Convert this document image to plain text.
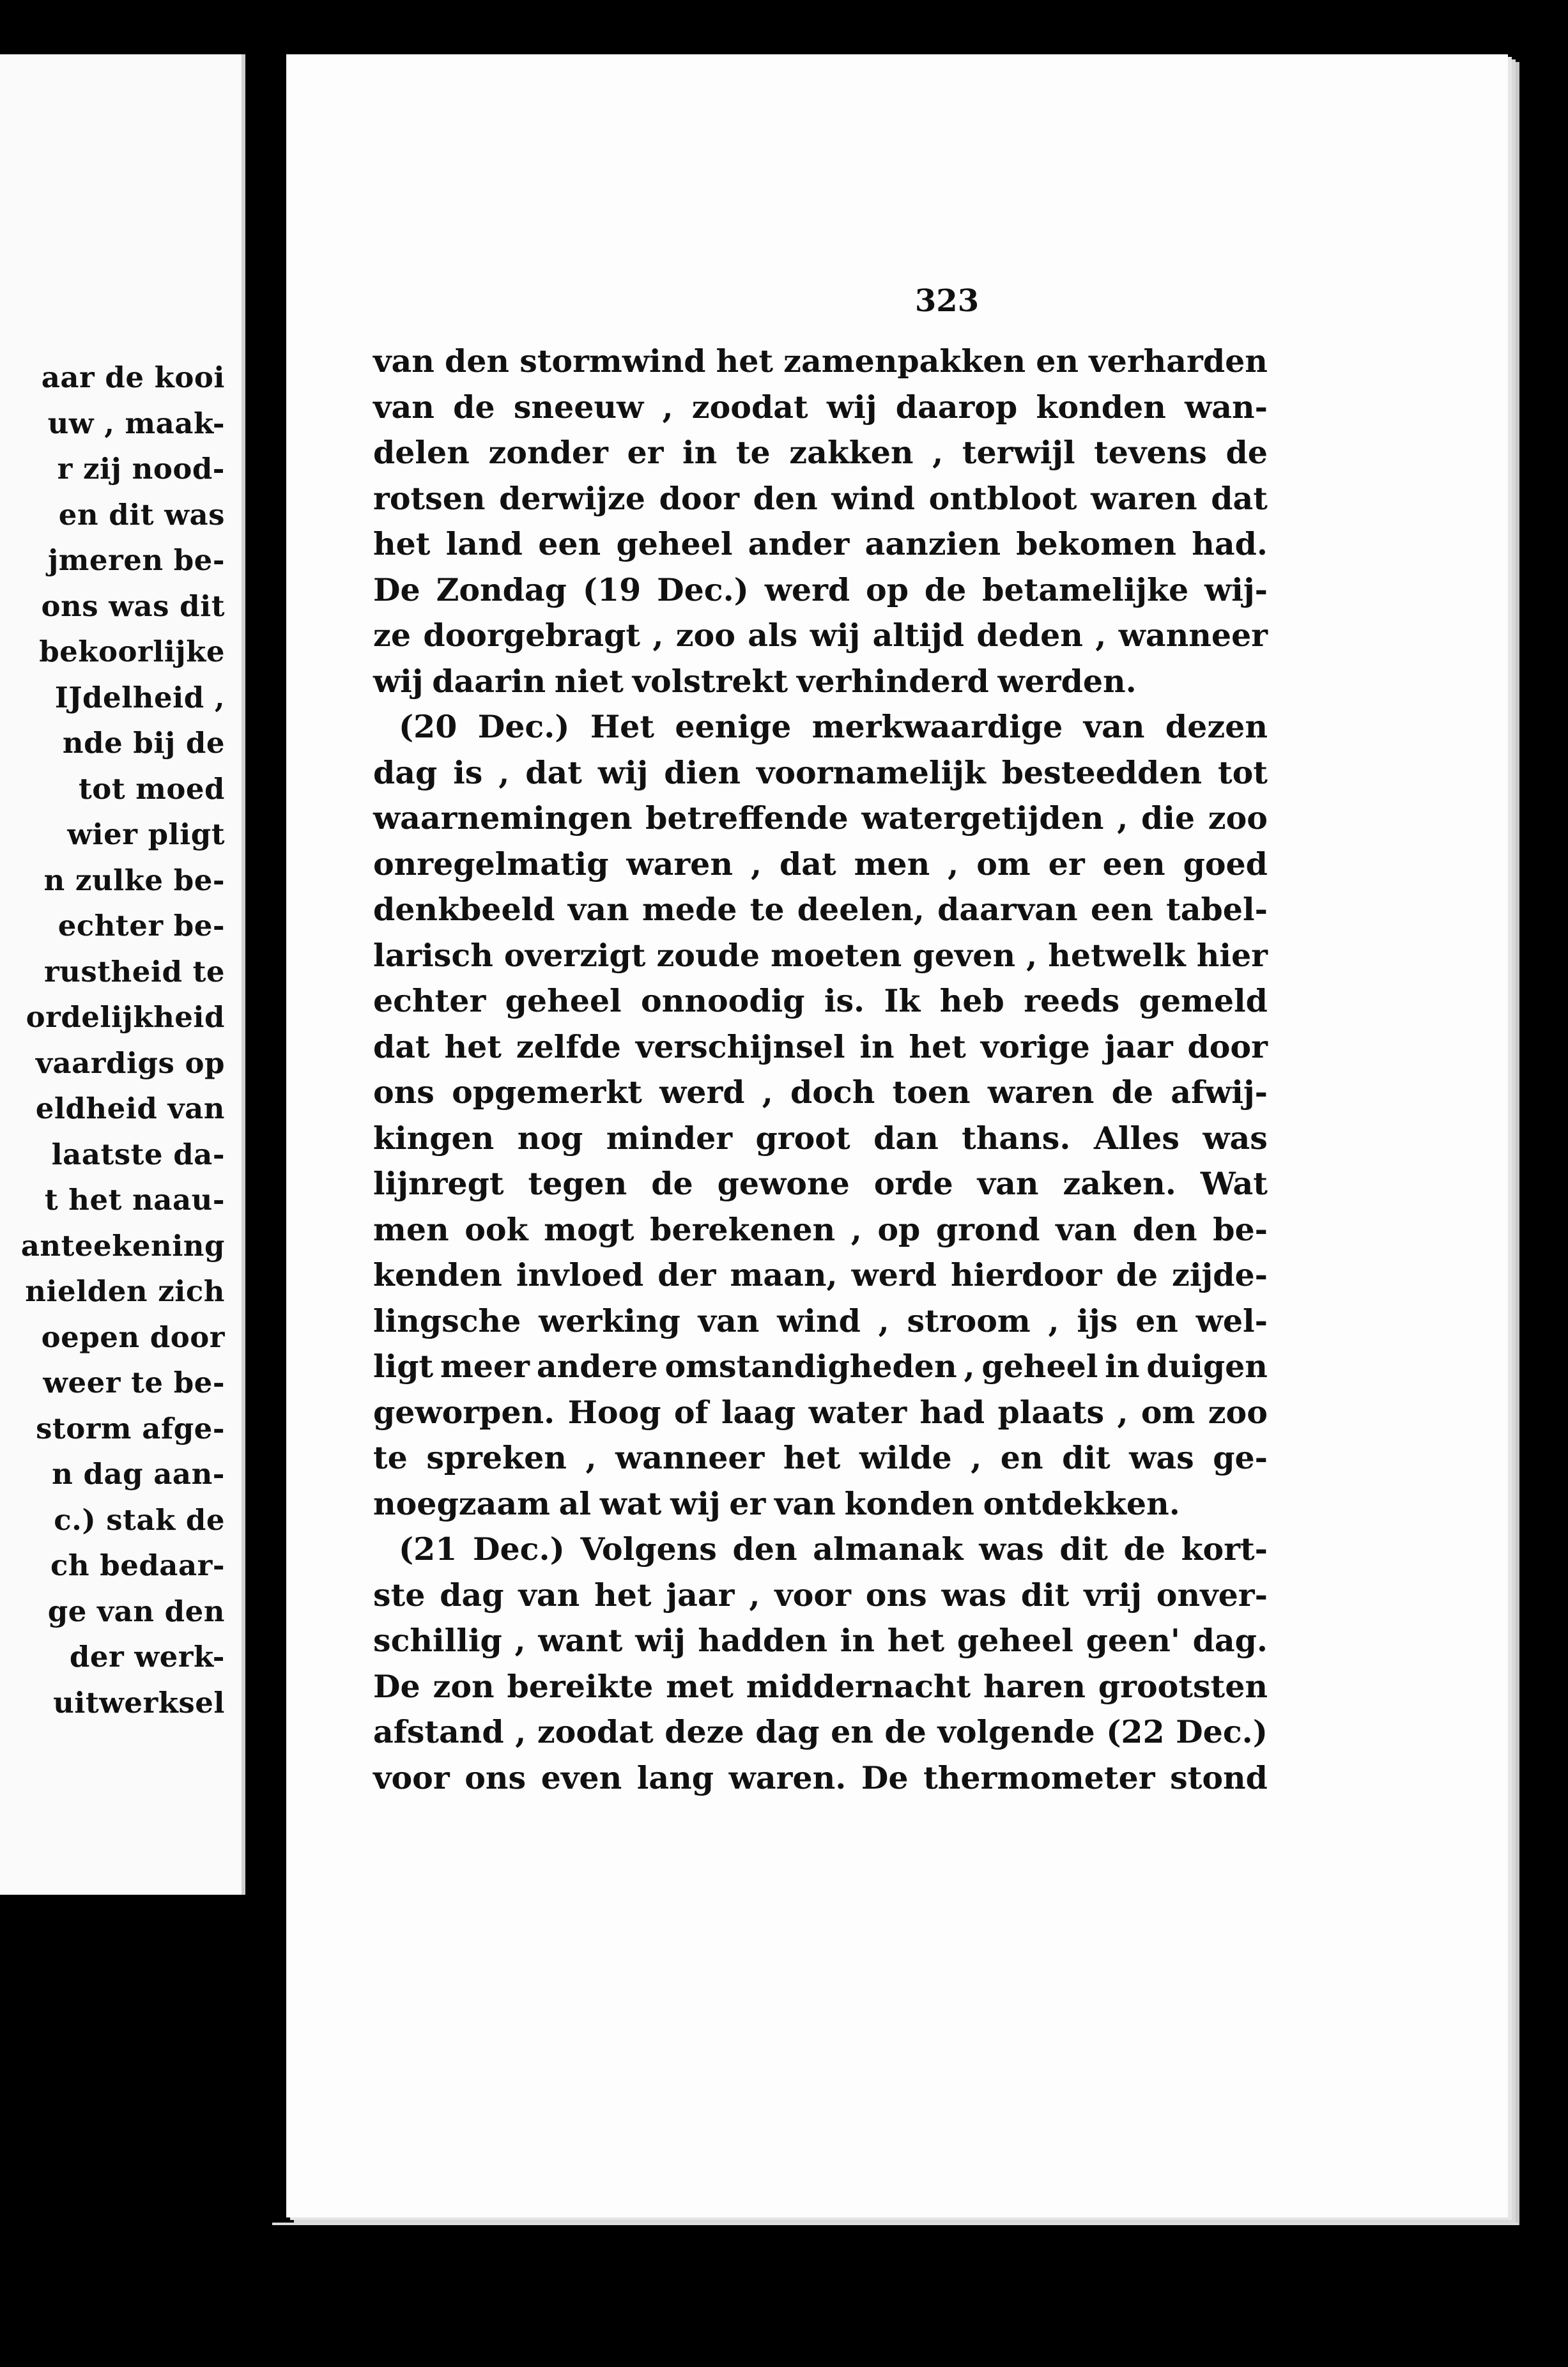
aar de kooi
uw , maak-
r zij nood-
en dit was
jmeren be-
ons was dit
bekoorlijke
IJdelheid ,
nde bij de
tot moed
wier pligt
n zulke be-
echter be-
rustheid te
ordelijkheid
vaardigs op
eldheid van
laatste da-
t het naau-
anteekening
nielden zich
oepen door
weer te be-
storm afge-
n dag aan-
c.) stak de
ch bedaar-
ge van den
der werk-
uitwerksel
323
van den stormwind het zamenpakken en verharden
van de sneeuw , zoodat wij daarop konden wan-
delen zonder er in te zakken , terwijl tevens de
rotsen derwijze door den wind ontbloot waren dat
het land een geheel ander aanzien bekomen had.
De Zondag (19 Dec.) werd op de betamelijke wij-
ze doorgebragt , zoo als wij altijd deden , wanneer
wij daarin niet volstrekt verhinderd werden.
(20 Dec.) Het eenige merkwaardige van dezen
dag is , dat wij dien voornamelijk besteedden tot
waarnemingen betreffende watergetijden , die zoo
onregelmatig waren , dat men , om er een goed
denkbeeld van mede te deelen, daarvan een tabel-
larisch overzigt zoude moeten geven , hetwelk hier
echter geheel onnoodig is. Ik heb reeds gemeld
dat het zelfde verschijnsel in het vorige jaar door
ons opgemerkt werd , doch toen waren de afwij-
kingen nog minder groot dan thans. Alles was
lijnregt tegen de gewone orde van zaken. Wat
men ook mogt berekenen , op grond van den be-
kenden invloed der maan, werd hierdoor de zijde-
lingsche werking van wind , stroom , ijs en wel-
ligt meer andere omstandigheden , geheel in duigen
geworpen. Hoog of laag water had plaats , om zoo
te spreken , wanneer het wilde , en dit was ge-
noegzaam al wat wij er van konden ontdekken.
(21 Dec.) Volgens den almanak was dit de kort-
ste dag van het jaar , voor ons was dit vrij onver-
schillig , want wij hadden in het geheel geen' dag.
De zon bereikte met middernacht haren grootsten
afstand , zoodat deze dag en de volgende (22 Dec.)
voor ons even lang waren. De thermometer stond
